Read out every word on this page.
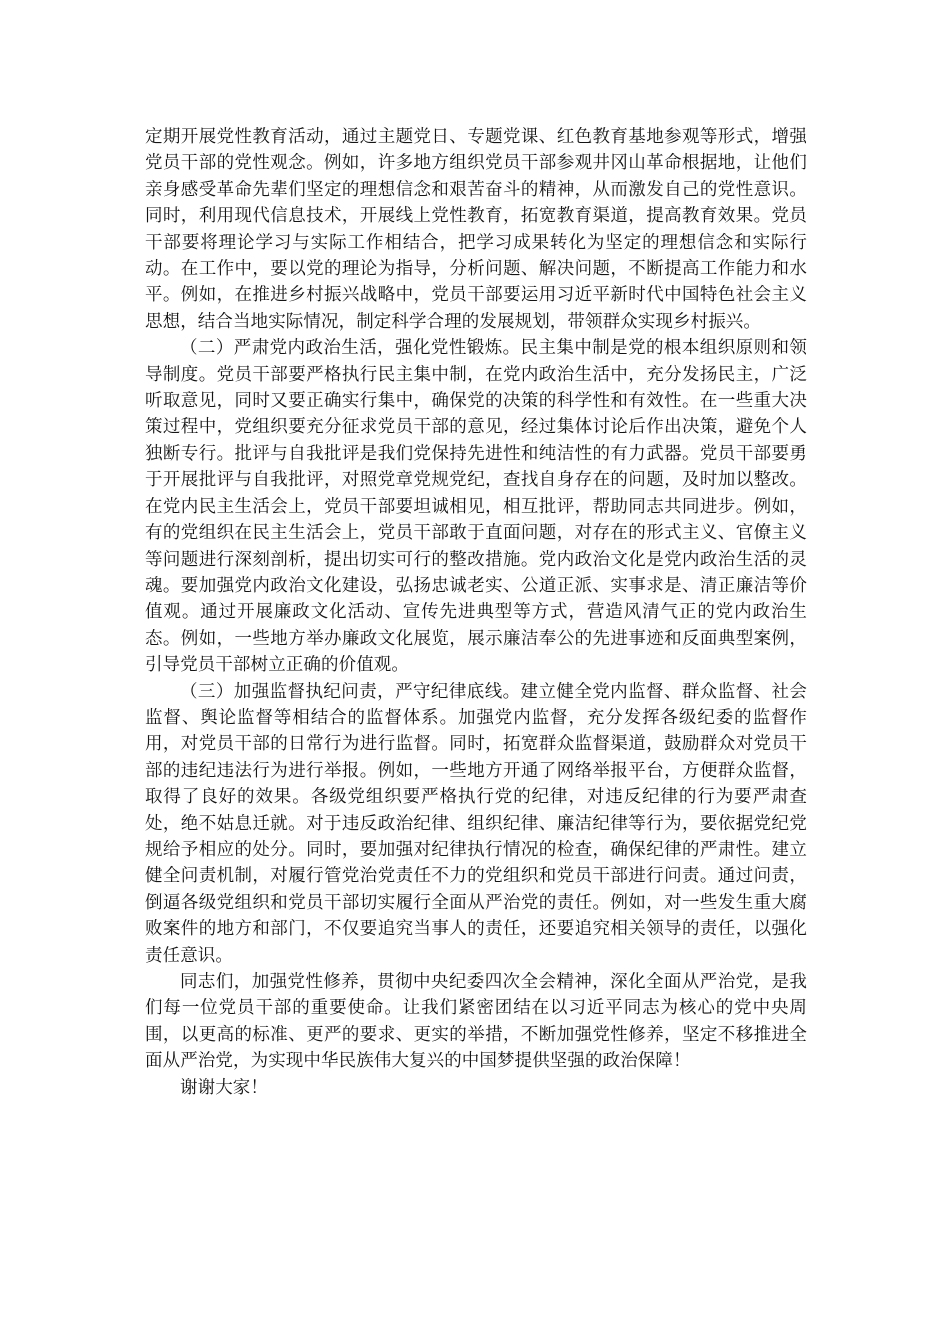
定期开展党性教育活动，通过主题党日、专题党课、红色教育基地参观等形式，增强党员干部的党性观念。例如，许多地方组织党员干部参观井冈山革命根据地，让他们亲身感受革命先辈们坚定的理想信念和艰苦奋斗的精神，从而激发自己的党性意识。同时，利用现代信息技术，开展线上党性教育，拓宽教育渠道，提高教育效果。党员干部要将理论学习与实际工作相结合，把学习成果转化为坚定的理想信念和实际行动。在工作中，要以党的理论为指导，分析问题、解决问题，不断提高工作能力和水平。例如，在推进乡村振兴战略中，党员干部要运用习近平新时代中国特色社会主义思想，结合当地实际情况，制定科学合理的发展规划，带领群众实现乡村振兴。

（二）严肃党内政治生活，强化党性锻炼。民主集中制是党的根本组织原则和领导制度。党员干部要严格执行民主集中制，在党内政治生活中，充分发扬民主，广泛听取意见，同时又要正确实行集中，确保党的决策的科学性和有效性。在一些重大决策过程中，党组织要充分征求党员干部的意见，经过集体讨论后作出决策，避免个人独断专行。批评与自我批评是我们党保持先进性和纯洁性的有力武器。党员干部要勇于开展批评与自我批评，对照党章党规党纪，查找自身存在的问题，及时加以整改。在党内民主生活会上，党员干部要坦诚相见，相互批评，帮助同志共同进步。例如，有的党组织在民主生活会上，党员干部敢于直面问题，对存在的形式主义、官僚主义等问题进行深刻剖析，提出切实可行的整改措施。党内政治文化是党内政治生活的灵魂。要加强党内政治文化建设，弘扬忠诚老实、公道正派、实事求是、清正廉洁等价值观。通过开展廉政文化活动、宣传先进典型等方式，营造风清气正的党内政治生态。例如，一些地方举办廉政文化展览，展示廉洁奉公的先进事迹和反面典型案例，引导党员干部树立正确的价值观。

（三）加强监督执纪问责，严守纪律底线。建立健全党内监督、群众监督、社会监督、舆论监督等相结合的监督体系。加强党内监督，充分发挥各级纪委的监督作用，对党员干部的日常行为进行监督。同时，拓宽群众监督渠道，鼓励群众对党员干部的违纪违法行为进行举报。例如，一些地方开通了网络举报平台，方便群众监督，取得了良好的效果。各级党组织要严格执行党的纪律，对违反纪律的行为要严肃查处，绝不姑息迁就。对于违反政治纪律、组织纪律、廉洁纪律等行为，要依据党纪党规给予相应的处分。同时，要加强对纪律执行情况的检查，确保纪律的严肃性。建立健全问责机制，对履行管党治党责任不力的党组织和党员干部进行问责。通过问责，倒逼各级党组织和党员干部切实履行全面从严治党的责任。例如，对一些发生重大腐败案件的地方和部门，不仅要追究当事人的责任，还要追究相关领导的责任，以强化责任意识。

同志们，加强党性修养，贯彻中央纪委四次全会精神，深化全面从严治党，是我们每一位党员干部的重要使命。让我们紧密团结在以习近平同志为核心的党中央周围，以更高的标准、更严的要求、更实的举措，不断加强党性修养，坚定不移推进全面从严治党，为实现中华民族伟大复兴的中国梦提供坚强的政治保障！

谢谢大家！
